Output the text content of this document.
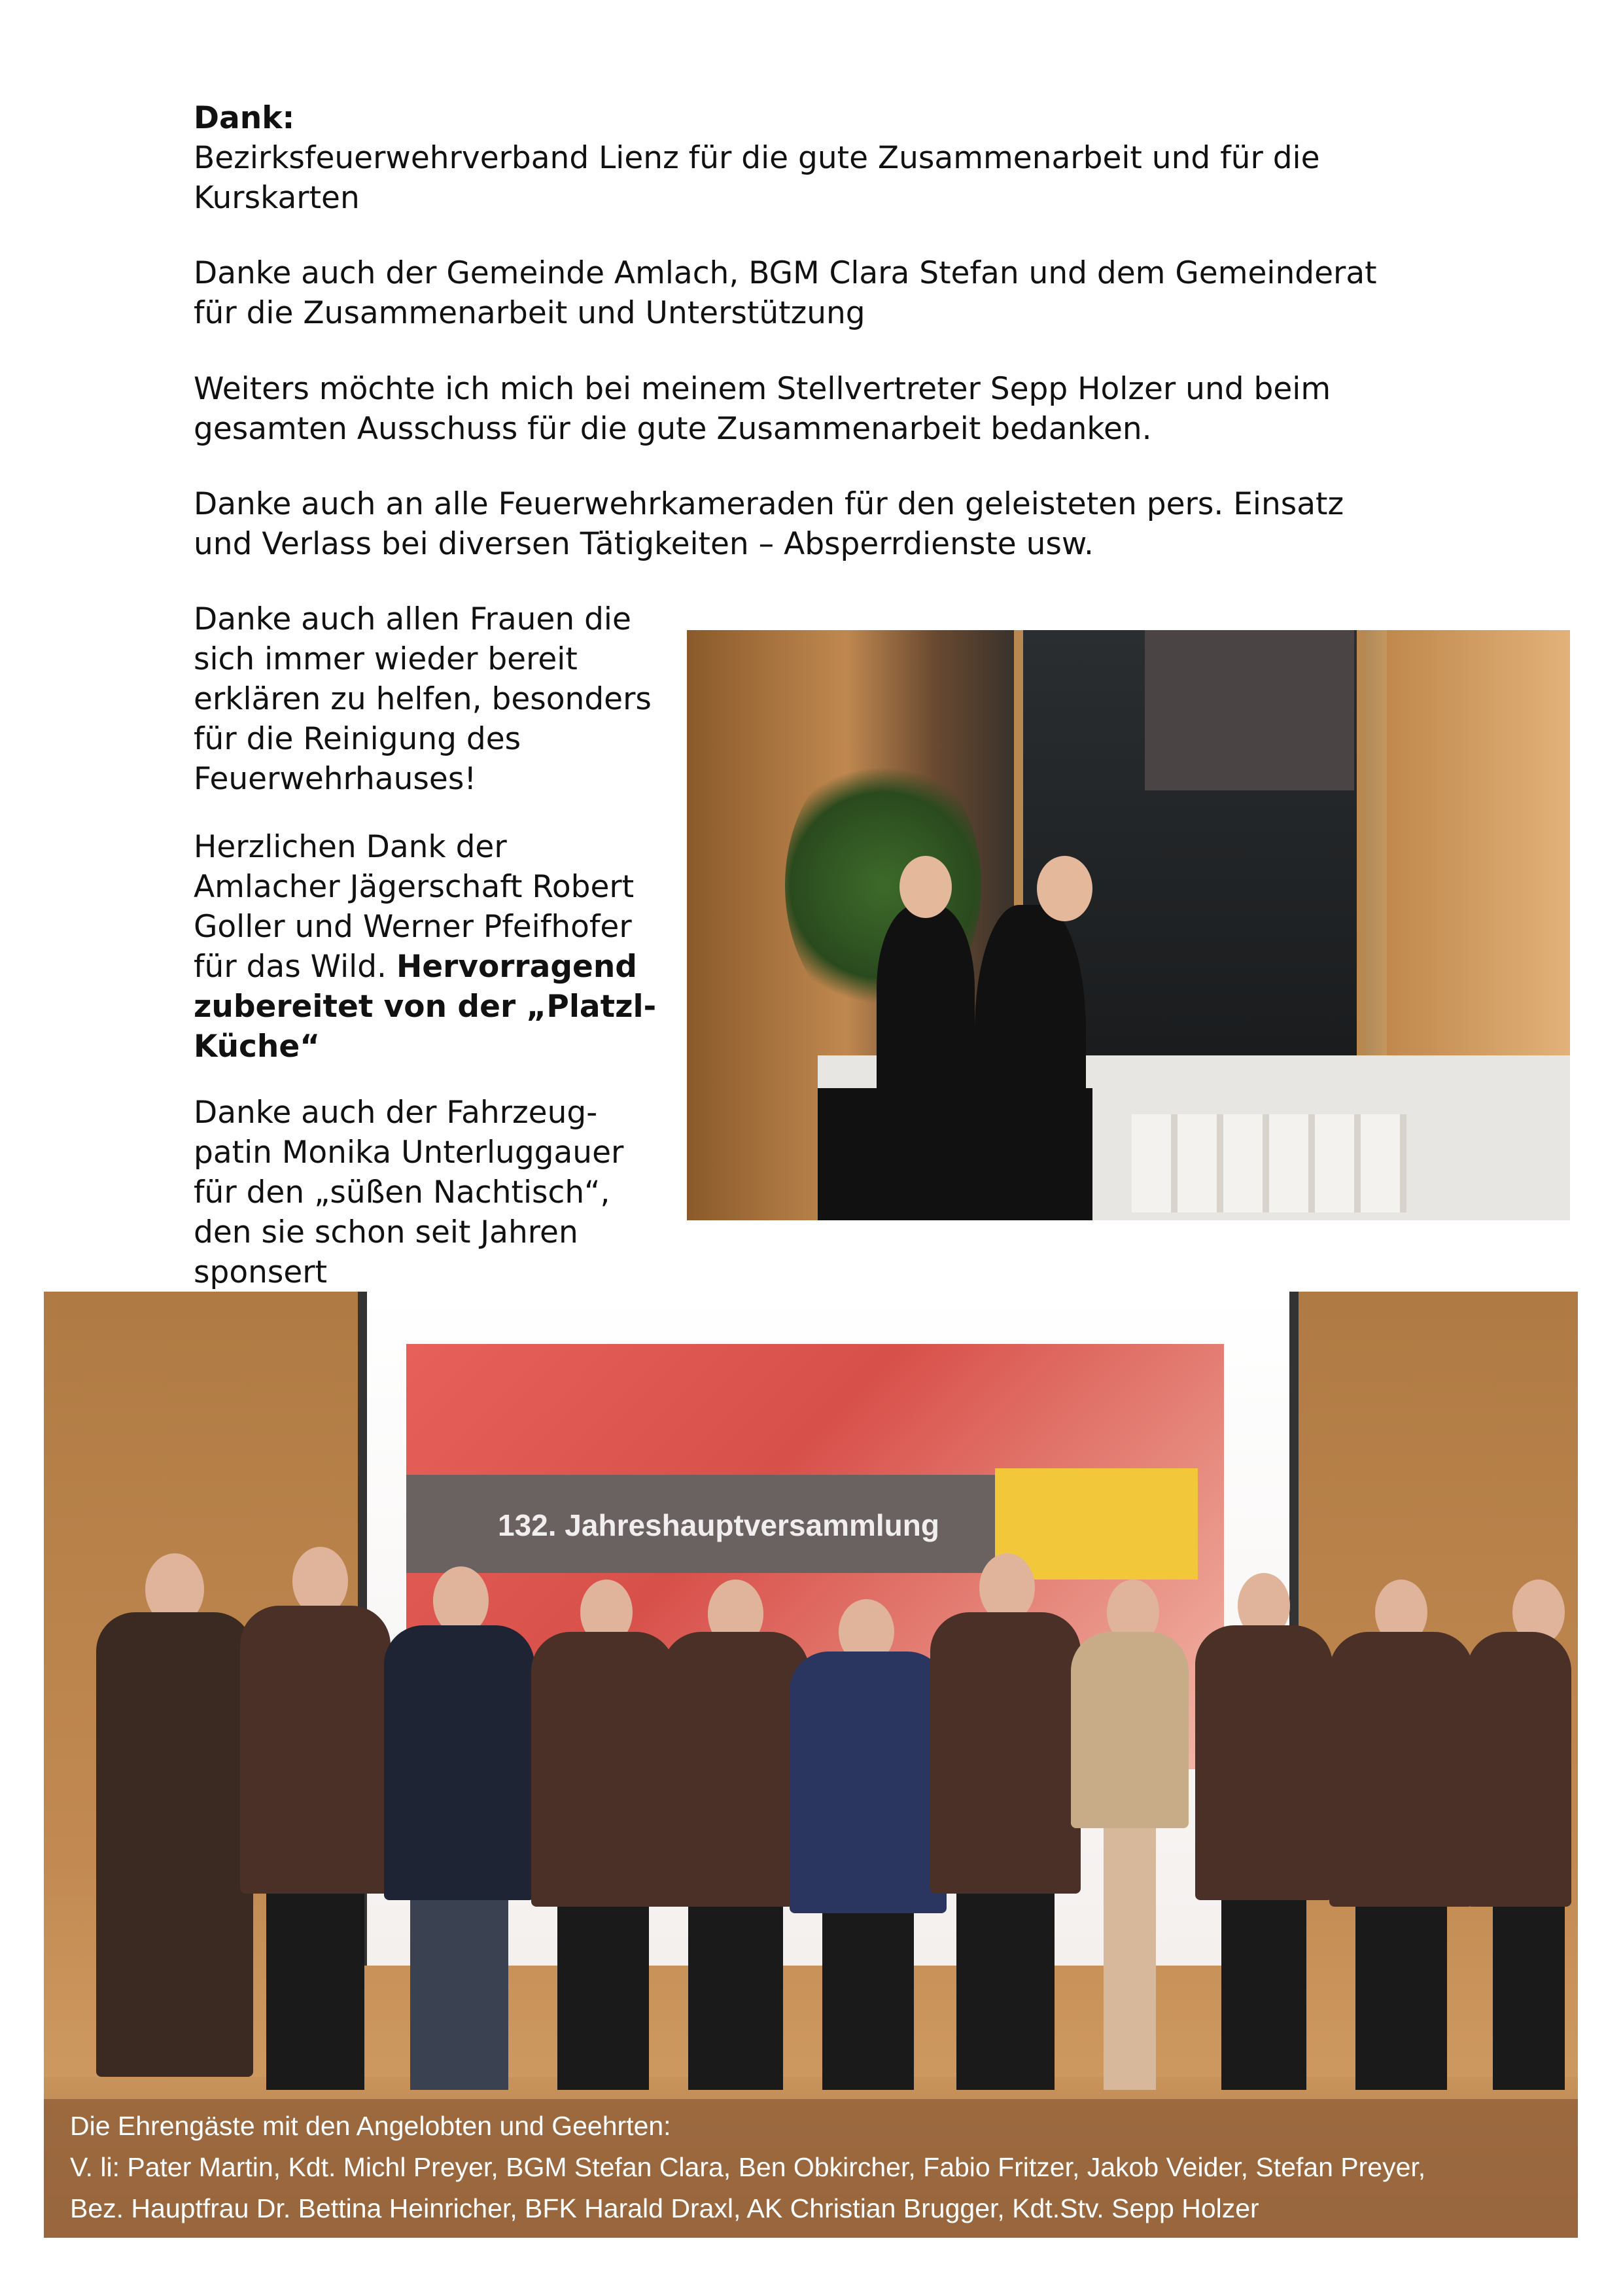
Dank:
Bezirksfeuerwehrverband Lienz für die gute Zusammenarbeit und für die
Kurskarten
Danke auch der Gemeinde Amlach, BGM Clara Stefan und dem Gemeinderat
für die Zusammenarbeit und Unterstützung
Weiters möchte ich mich bei meinem Stellvertreter Sepp Holzer und beim
gesamten Ausschuss für die gute Zusammenarbeit bedanken.
Danke auch an alle Feuerwehrkameraden für den geleisteten pers. Einsatz
und Verlass bei diversen Tätigkeiten – Absperrdienste usw.
Danke auch allen Frauen die
sich immer wieder bereit
erklären zu helfen, besonders
für die Reinigung des
Feuerwehrhauses!
Herzlichen Dank der
Amlacher Jägerschaft Robert
Goller und Werner Pfeifhofer
für das Wild. Hervorragend
zubereitet von der „Platzl-
Küche“
Danke auch der Fahrzeug-
patin Monika Unterluggauer
für den „süßen Nachtisch“,
den sie schon seit Jahren
sponsert
132. Jahreshauptversammlung
Die Ehrengäste mit den Angelobten und Geehrten:
V. li: Pater Martin, Kdt. Michl Preyer, BGM Stefan Clara, Ben Obkircher, Fabio Fritzer, Jakob Veider, Stefan Preyer,
Bez. Hauptfrau Dr. Bettina Heinricher, BFK Harald Draxl, AK Christian Brugger, Kdt.Stv. Sepp Holzer
